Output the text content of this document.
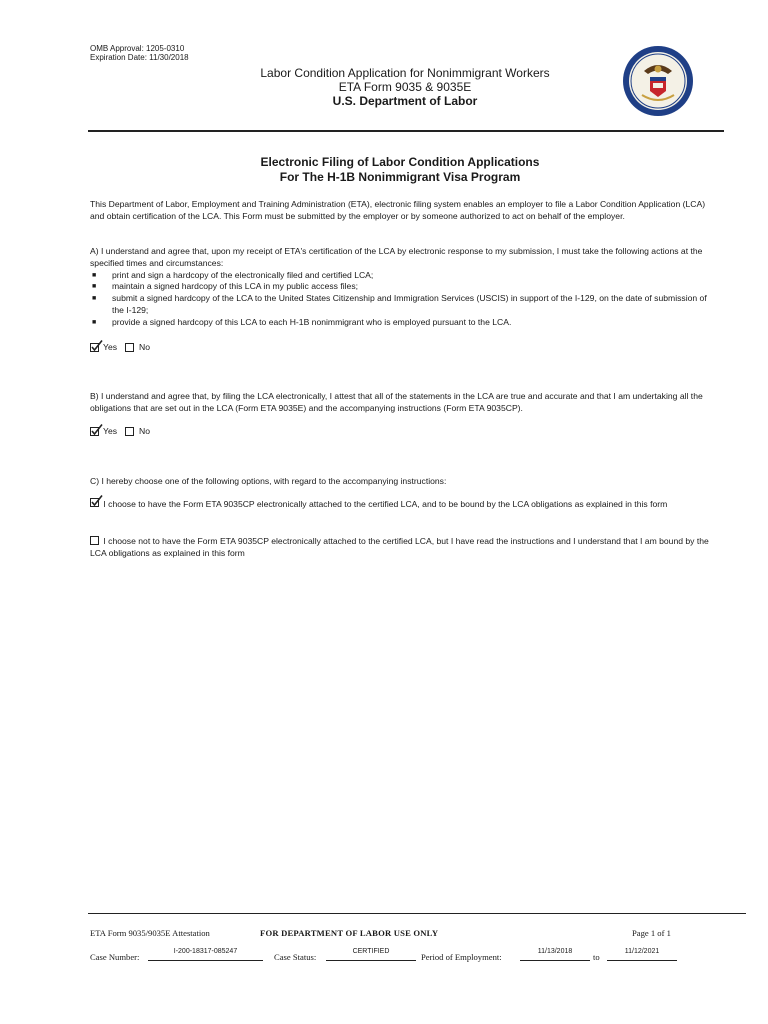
OMB Approval: 1205-0310
Expiration Date: 11/30/2018
Labor Condition Application for Nonimmigrant Workers
ETA Form 9035 & 9035E
U.S. Department of Labor
Electronic Filing of Labor Condition Applications
For The H-1B Nonimmigrant Visa Program
This Department of Labor, Employment and Training Administration (ETA), electronic filing system enables an employer to file a Labor Condition Application (LCA) and obtain certification of the LCA. This Form must be submitted by the employer or by someone authorized to act on behalf of the employer.
A) I understand and agree that, upon my receipt of ETA's certification of the LCA by electronic response to my submission, I must take the following actions at the specified times and circumstances:
■ print and sign a hardcopy of the electronically filed and certified LCA;
■ maintain a signed hardcopy of this LCA in my public access files;
■ submit a signed hardcopy of the LCA to the United States Citizenship and Immigration Services (USCIS) in support of the I-129, on the date of submission of the I-129;
■ provide a signed hardcopy of this LCA to each H-1B nonimmigrant who is employed pursuant to the LCA.
Yes	No
B) I understand and agree that, by filing the LCA electronically, I attest that all of the statements in the LCA are true and accurate and that I am undertaking all the obligations that are set out in the LCA (Form ETA 9035E) and the accompanying instructions (Form ETA 9035CP).
Yes	No
C) I hereby choose one of the following options, with regard to the accompanying instructions:
I choose to have the Form ETA 9035CP electronically attached to the certified LCA, and to be bound by the LCA obligations as explained in this form
I choose not to have the Form ETA 9035CP electronically attached to the certified LCA, but I have read the instructions and I understand that I am bound by the LCA obligations as explained in this form
ETA Form 9035/9035E Attestation	FOR DEPARTMENT OF LABOR USE ONLY	Page 1 of 1
Case Number:
I-200-18317-085247
Case Status:
CERTIFIED
Period of Employment:
11/13/2018
to
11/12/2021
